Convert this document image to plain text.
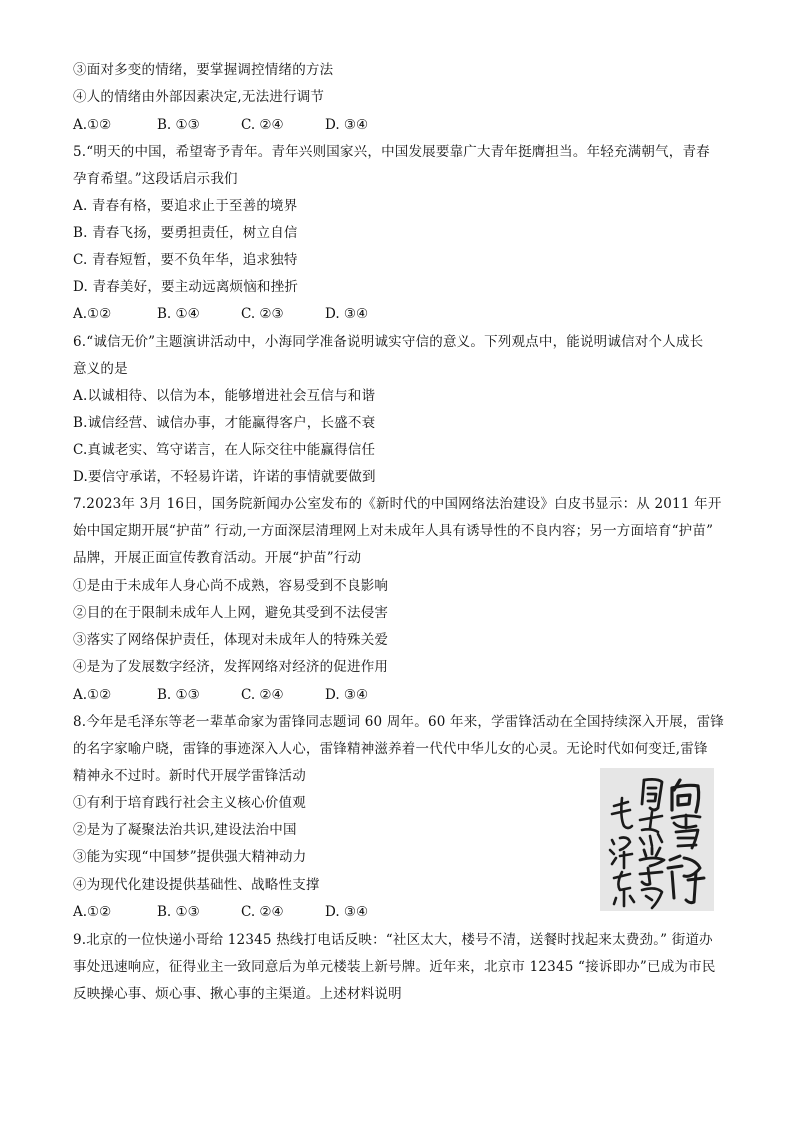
③面对多变的情绪，要掌握调控情绪的方法
④人的情绪由外部因素决定,无法进行调节
A.①②	B. ①③	C. ②④	D. ③④
5.“明天的中国，希望寄予青年。青年兴则国家兴，中国发展要靠广大青年挺膺担当。年轻充满朝气，青春
孕育希望。”这段话启示我们
A. 青春有格，要追求止于至善的境界
B. 青春飞扬，要勇担责任，树立自信
C. 青春短暂，要不负年华，追求独特
D. 青春美好，要主动远离烦恼和挫折
A.①②	B. ①④	C. ②③	D. ③④
6.“诚信无价”主题演讲活动中，小海同学准备说明诚实守信的意义。下列观点中，能说明诚信对个人成长
意义的是
A.以诚相待、以信为本，能够增进社会互信与和谐
B.诚信经营、诚信办事，才能赢得客户，长盛不衰
C.真诚老实、笃守诺言，在人际交往中能赢得信任
D.要信守承诺，不轻易许诺，许诺的事情就要做到
7.2023年 3月 16日，国务院新闻办公室发布的《新时代的中国网络法治建设》白皮书显示：从 2011 年开
始中国定期开展“护苗” 行动,一方面深层清理网上对未成年人具有诱导性的不良内容；另一方面培育“护苗”
品牌，开展正面宣传教育活动。开展“护苗”行动
①是由于未成年人身心尚不成熟，容易受到不良影响
②目的在于限制未成年人上网，避免其受到不法侵害
③落实了网络保护责任，体现对未成年人的特殊关爱
④是为了发展数字经济，发挥网络对经济的促进作用
A.①②	B. ①③	C. ②④	D. ③④
8.今年是毛泽东等老一辈革命家为雷锋同志题词 60 周年。60 年来，学雷锋活动在全国持续深入开展，雷锋
的名字家喻户晓，雷锋的事迹深入人心，雷锋精神滋养着一代代中华儿女的心灵。无论时代如何变迁,雷锋
精神永不过时。新时代开展学雷锋活动
①有利于培育践行社会主义核心价值观
②是为了凝聚法治共识,建设法治中国
③能为实现“中国梦”提供强大精神动力
④为现代化建设提供基础性、战略性支撑
A.①②	B. ①③	C. ②④	D. ③④
9.北京的一位快递小哥给 12345 热线打电话反映：“社区太大，楼号不清，送餐时找起来太费劲。” 街道办
事处迅速响应，征得业主一致同意后为单元楼装上新号牌。近年来，北京市 12345 “接诉即办”已成为市民
反映操心事、烦心事、揪心事的主渠道。上述材料说明
